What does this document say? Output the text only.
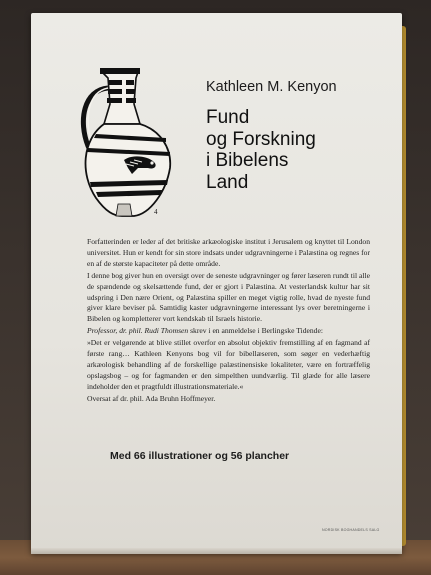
4
Kathleen M. Kenyon
Fund
og Forskning
i Bibelens
Land

Forfatterinden er leder af det britiske arkæologiske institut i Jerusalem og knyttet til London universitet. Hun er kendt for sin store indsats under udgravningerne i Palæstina og regnes for en af de største kapaciteter på dette område.

I denne bog giver hun en oversigt over de seneste udgravninger og fører læseren rundt til alle de spændende og skelsættende fund, der er gjort i Palæstina. At vesterlandsk kultur har sit udspring i Den nære Orient, og Palæstina spiller en meget vigtig rolle, hvad de nyeste fund giver klare beviser på. Samtidig kaster udgravningerne interessant lys over beretningerne i Bibelen og kompletterer vort kendskab til Israels historie.

Professor, dr. phil. Rudi Thomsen skrev i en anmeldelse i Berlingske Tidende:

»Det er velgørende at blive stillet overfor en absolut objektiv fremstilling af en fagmand af første rang… Kathleen Kenyons bog vil for bibellæseren, som søger en vederhæftig arkæologisk behandling af de forskellige palæstinensiske lokaliteter, være en fortræffelig opslagsbog – og for fagmanden er den simpelthen uundværlig. Til glæde for alle læsere indeholder den et pragtfuldt illustrationsmateriale.«

Oversat af dr. phil. Ada Bruhn Hoffmeyer.

Med 66 illustrationer og 56 plancher
NORDISK BOGHANDELS SALG
